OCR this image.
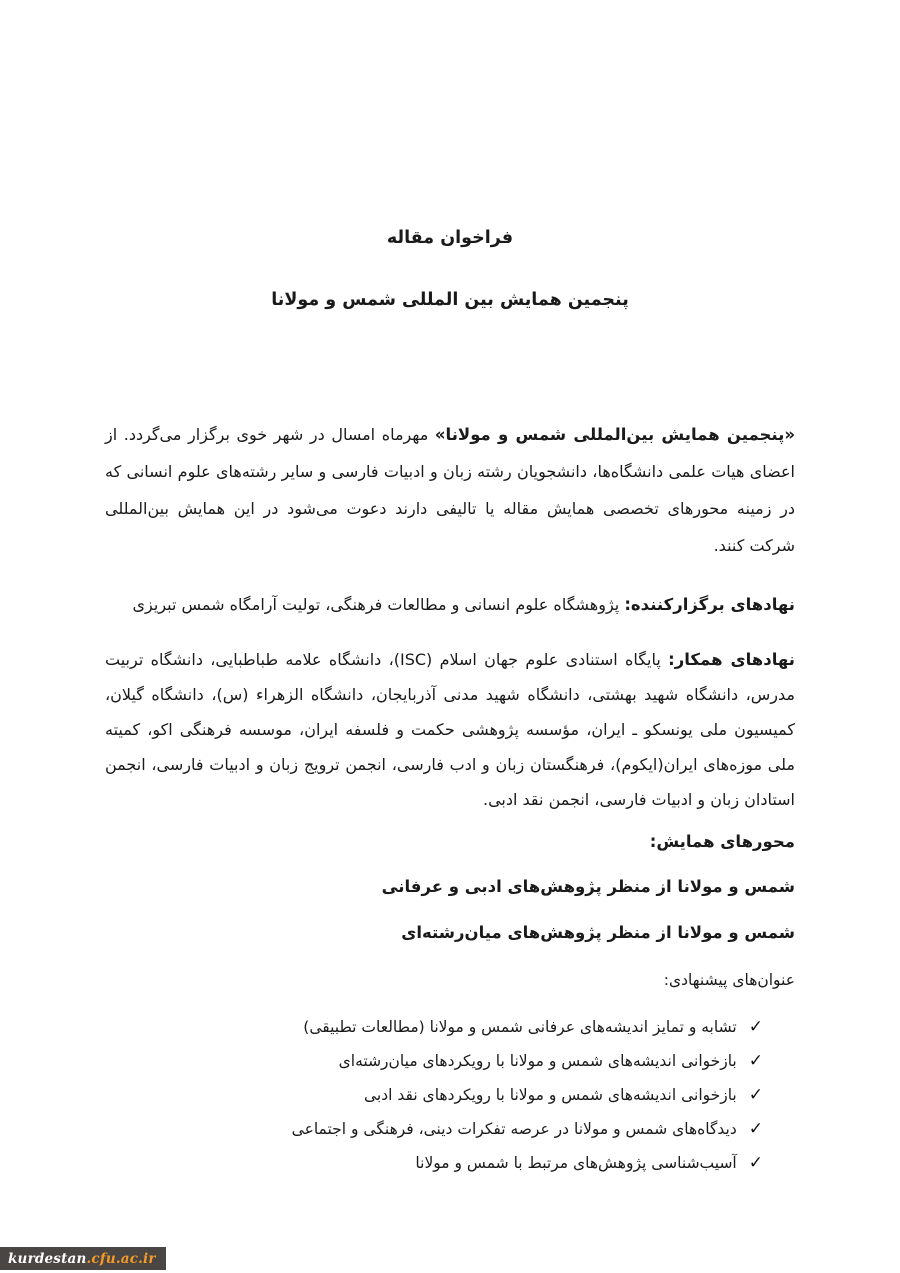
فراخوان مقاله
پنجمین همایش بین المللی شمس و مولانا
«پنجمین همایش بین‌المللی شمس و مولانا» مهرماه امسال در شهر خوی برگزار می‌گردد. از اعضای هیات علمی دانشگاه‌ها، دانشجویان رشته زبان و ادبیات فارسی و سایر رشته‌های علوم انسانی که در زمینه محورهای تخصصی همایش مقاله یا تالیفی دارند دعوت می‌شود در این همایش بین‌المللی شرکت کنند.
نهادهای برگزارکننده: پژوهشگاه علوم انسانی و مطالعات فرهنگی، تولیت آرامگاه شمس تبریزی
نهادهای همکار: پایگاه استنادی علوم جهان اسلام (ISC)، دانشگاه علامه طباطبایی، دانشگاه تربیت مدرس، دانشگاه شهید بهشتی، دانشگاه شهید مدنی آذربایجان، دانشگاه الزهراء (س)، دانشگاه گیلان، کمیسیون ملی یونسکو ـ ایران، مؤسسه پژوهشی حکمت و فلسفه ایران، موسسه فرهنگی اکو، کمیته ملی موزه‌های ایران(ایکوم)، فرهنگستان زبان و ادب فارسی، انجمن ترویج زبان و ادبیات فارسی، انجمن استادان زبان و ادبیات فارسی، انجمن نقد ادبی.
محورهای همایش:
شمس و مولانا از منظر پژوهش‌های ادبی و عرفانی
شمس و مولانا از منظر پژوهش‌های میان‌رشته‌ای
عنوان‌های پیشنهادی:
✓
تشابه و تمایز اندیشه‌های عرفانی شمس و مولانا (مطالعات تطبیقی)
✓
بازخوانی اندیشه‌های شمس و مولانا با رویکردهای میان‌رشته‌ای
✓
بازخوانی اندیشه‌های شمس و مولانا با رویکردهای نقد ادبی
✓
دیدگاه‌های شمس و مولانا در عرصه تفکرات دینی، فرهنگی و اجتماعی
✓
آسیب‌شناسی پژوهش‌های مرتبط با شمس و مولانا
kurdestan .cfu.ac.ir
